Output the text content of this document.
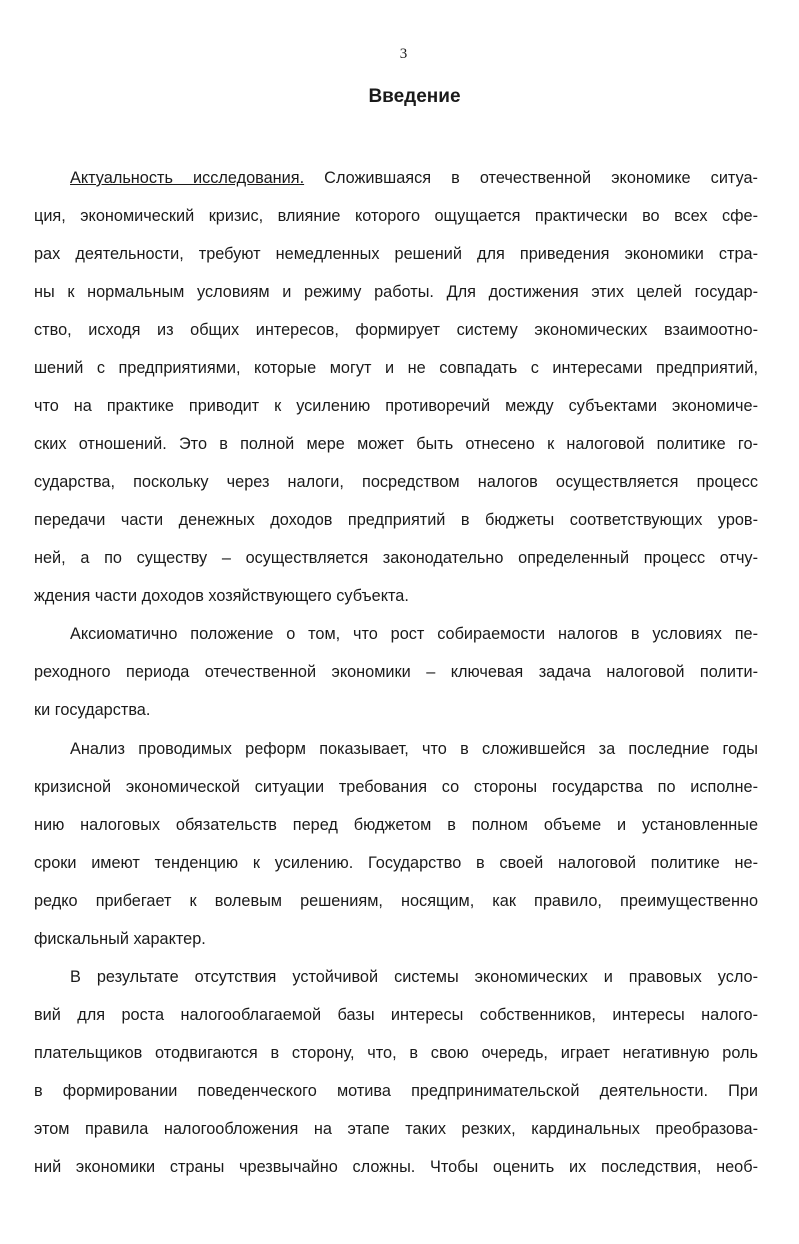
3
Введение
Актуальность исследования. Сложившаяся в отечественной экономике ситуа-
ция, экономический кризис, влияние которого ощущается практически во всех сфе-
рах деятельности, требуют немедленных решений для приведения экономики стра-
ны к нормальным условиям и режиму работы. Для достижения этих целей государ-
ство, исходя из общих интересов, формирует систему экономических взаимоотно-
шений с предприятиями, которые могут и не совпадать с интересами предприятий,
что на практике приводит к усилению противоречий между субъектами экономиче-
ских отношений. Это в полной мере может быть отнесено к налоговой политике го-
сударства, поскольку через налоги, посредством налогов осуществляется процесс
передачи части денежных доходов предприятий в бюджеты соответствующих уров-
ней, а по существу – осуществляется законодательно определенный процесс отчу-
ждения части доходов хозяйствующего субъекта.
Аксиоматично положение о том, что рост собираемости налогов в условиях пе-
реходного периода отечественной экономики – ключевая задача налоговой полити-
ки государства.
Анализ проводимых реформ показывает, что в сложившейся за последние годы
кризисной экономической ситуации требования со стороны государства по исполне-
нию налоговых обязательств перед бюджетом в полном объеме и установленные
сроки имеют тенденцию к усилению. Государство в своей налоговой политике не-
редко прибегает к волевым решениям, носящим, как правило, преимущественно
фискальный характер.
В результате отсутствия устойчивой системы экономических и правовых усло-
вий для роста налогооблагаемой базы интересы собственников, интересы налого-
плательщиков отодвигаются в сторону, что, в свою очередь, играет негативную роль
в формировании поведенческого мотива предпринимательской деятельности. При
этом правила налогообложения на этапе таких резких, кардинальных преобразова-
ний экономики страны чрезвычайно сложны. Чтобы оценить их последствия, необ-
